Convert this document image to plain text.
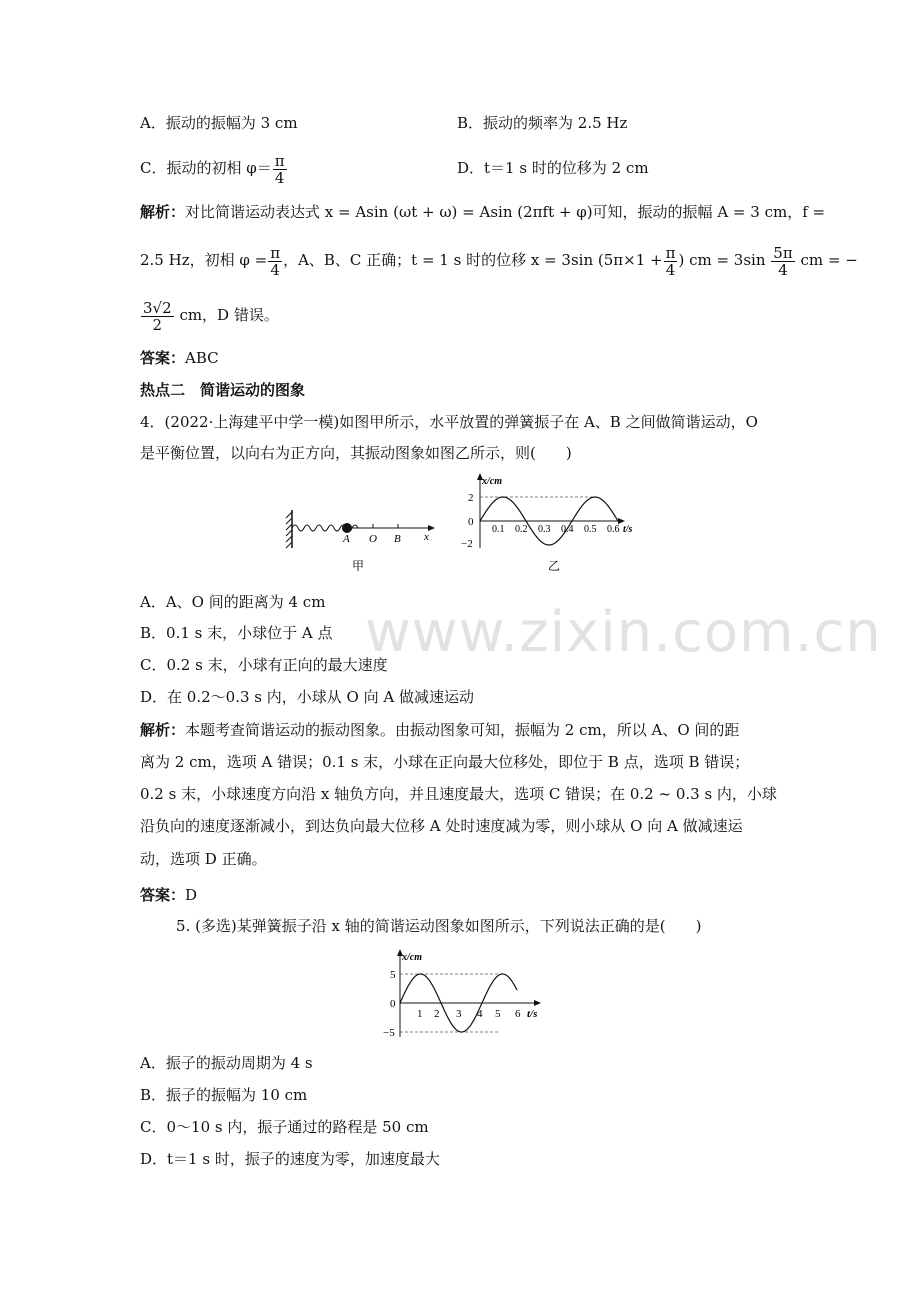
www.zixin.com.cn
A．振动的振幅为 3 cm	B．振动的频率为 2.5 Hz
C．振动的初相 $\varphi= \frac{\pi}{4}$	D．t＝1 s 时的位移为 2 cm
解析：对比简谐运动表达式 x = Asin (ωt + ω) = Asin (2πft + φ)可知，振动的振幅 A = 3 cm，f =
2.5 Hz，初相 $\varphi = \frac{\pi}{4}$ ，A、B、C 正确；t = 1 s 时的位移 x = 3sin ($5\pi\times 1 + \frac{\pi}{4}$ ) cm = $3\sin \frac{5\pi}{4}$ cm = −
$\frac{3√2}{2}$ cm，D 错误。
答案：ABC
热点二　简谐运动的图象
4．(2022·上海建平中学一模)如图甲所示，水平放置的弹簧振子在 A、B 之间做简谐运动，O
是平衡位置，以向右为正方向，其振动图象如图乙所示，则(　　)
A O B x
甲
x/cm
2
0
−2
0.1 0.2 0.3 0.4 0.5 0.6 t/s
乙
A．A、O 间的距离为 4 cm
B．0.1 s 末，小球位于 A 点
C．0.2 s 末，小球有正向的最大速度
D．在 0.2～0.3 s 内，小球从 O 向 A 做减速运动
解析：本题考查简谐运动的振动图象。由振动图象可知，振幅为 2 cm，所以 A、O 间的距
离为 2 cm，选项 A 错误；0.1 s 末，小球在正向最大位移处，即位于 B 点，选项 B 错误；
0.2 s 末，小球速度方向沿 x 轴负方向，并且速度最大，选项 C 错误；在 0.2 ~ 0.3 s 内，小球
沿负向的速度逐渐减小，到达负向最大位移 A 处时速度减为零，则小球从 O 向 A 做减速运
动，选项 D 正确。
答案：D
5. (多选)某弹簧振子沿 x 轴的简谐运动图象如图所示，下列说法正确的是(　　)
x/cm
5
0
−5
1 2 3 4 5 6 t/s
A．振子的振动周期为 4 s
B．振子的振幅为 10 cm
C．0～10 s 内，振子通过的路程是 50 cm
D．t＝1 s 时，振子的速度为零，加速度最大
